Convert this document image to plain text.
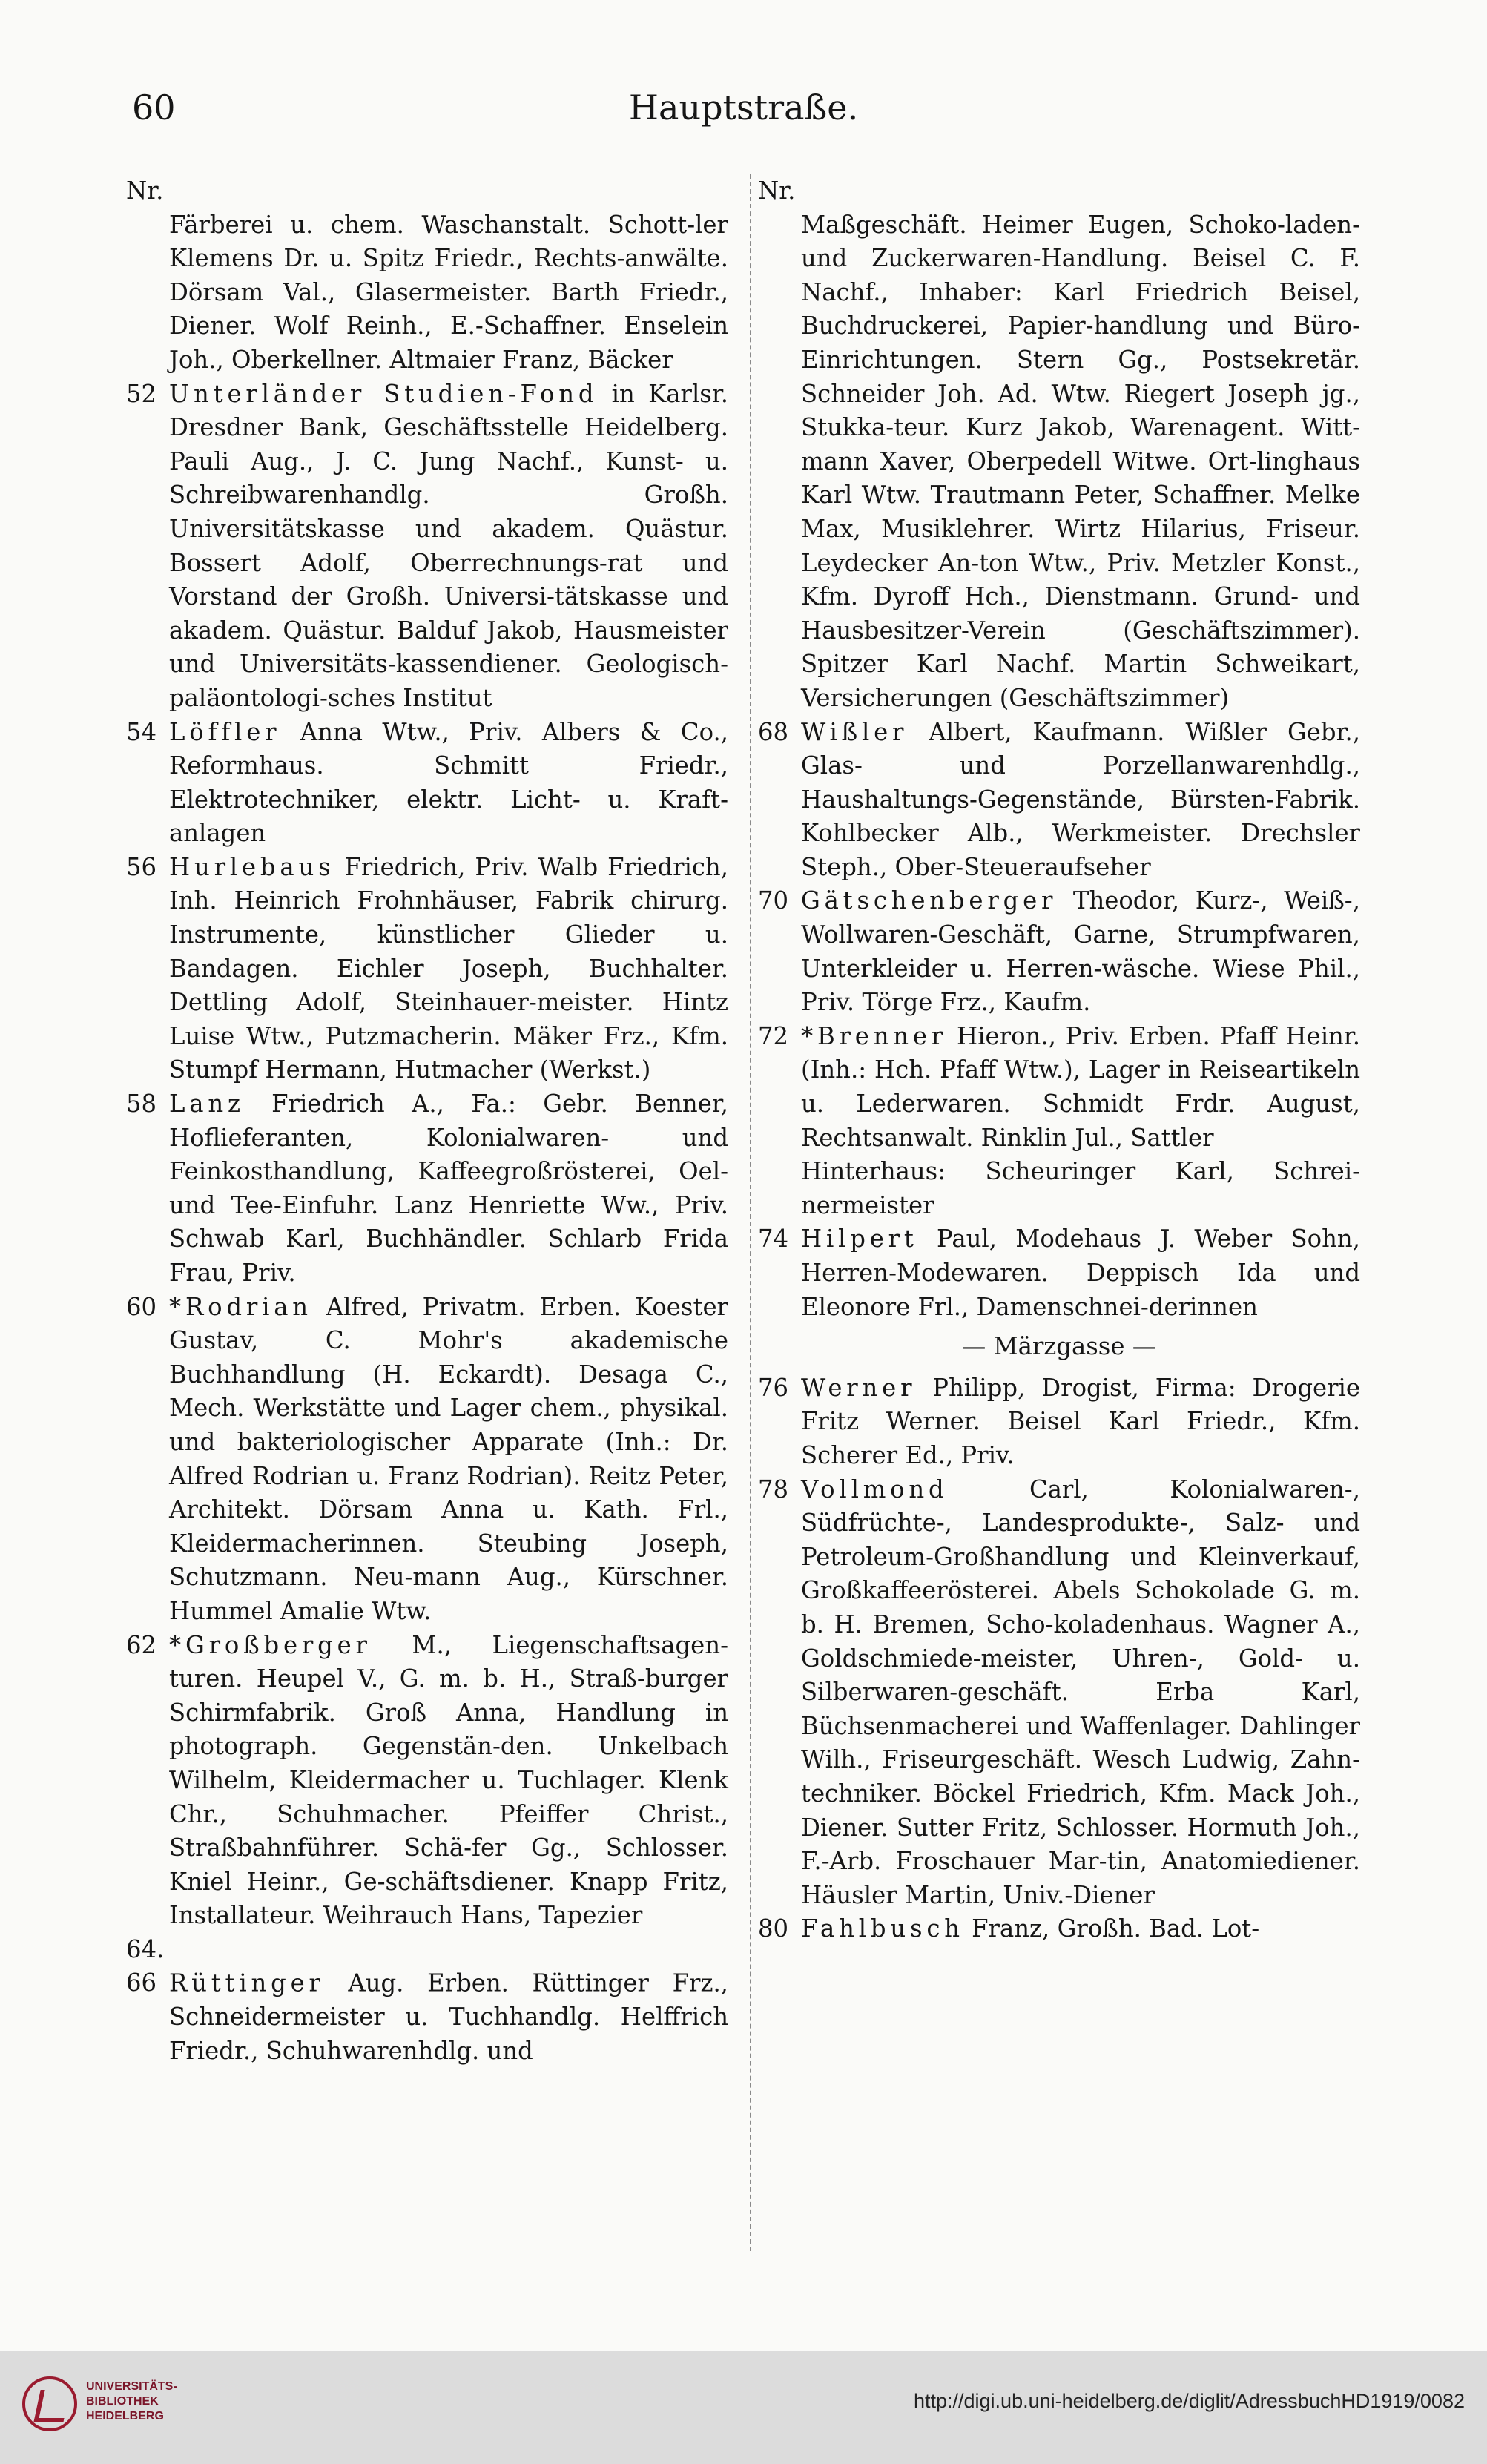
60	Hauptstraße.
Nr.
Färberei u. chem. Waschanstalt. Schott-ler Klemens Dr. u. Spitz Friedr., Rechts-anwälte. Dörsam Val., Glasermeister. Barth Friedr., Diener. Wolf Reinh., E.-Schaffner. Enselein Joh., Oberkellner. Altmaier Franz, Bäcker
52 Unterländer Studien-Fond in Karlsr. Dresdner Bank, Geschäftsstelle Heidelberg. Pauli Aug., J. C. Jung Nachf., Kunst- u. Schreibwarenhandlg. Großh. Universitätskasse und akadem. Quästur. Bossert Adolf, Oberrechnungs-rat und Vorstand der Großh. Universi-tätskasse und akadem. Quästur. Balduf Jakob, Hausmeister und Universitäts-kassendiener. Geologisch-paläontologi-sches Institut
54 Löffler Anna Wtw., Priv. Albers & Co., Reformhaus. Schmitt Friedr., Elektrotechniker, elektr. Licht- u. Kraft-anlagen
56 Hurlebaus Friedrich, Priv. Walb Friedrich, Inh. Heinrich Frohnhäuser, Fabrik chirurg. Instrumente, künstlicher Glieder u. Bandagen. Eichler Joseph, Buchhalter. Dettling Adolf, Steinhauer-meister. Hintz Luise Wtw., Putzmacherin. Mäker Frz., Kfm. Stumpf Hermann, Hutmacher (Werkst.)
58 Lanz Friedrich A., Fa.: Gebr. Benner, Hoflieferanten, Kolonialwaren- und Feinkosthandlung, Kaffeegroßrösterei, Oel- und Tee-Einfuhr. Lanz Henriette Ww., Priv. Schwab Karl, Buchhändler. Schlarb Frida Frau, Priv.
60 *Rodrian Alfred, Privatm. Erben. Koester Gustav, C. Mohr's akademische Buchhandlung (H. Eckardt). Desaga C., Mech. Werkstätte und Lager chem., physikal. und bakteriologischer Apparate (Inh.: Dr. Alfred Rodrian u. Franz Rodrian). Reitz Peter, Architekt. Dörsam Anna u. Kath. Frl., Kleidermacherinnen. Steubing Joseph, Schutzmann. Neu-mann Aug., Kürschner. Hummel Amalie Wtw.
62 *Großberger M., Liegenschaftsagen-turen. Heupel V., G. m. b. H., Straß-burger Schirmfabrik. Groß Anna, Handlung in photograph. Gegenstän-den. Unkelbach Wilhelm, Kleidermacher u. Tuchlager. Klenk Chr., Schuhmacher. Pfeiffer Christ., Straßbahnführer. Schä-fer Gg., Schlosser. Kniel Heinr., Ge-schäftsdiener. Knapp Fritz, Installateur. Weihrauch Hans, Tapezier
64. 66 Rüttinger Aug. Erben. Rüttinger Frz., Schneidermeister u. Tuchhandlg. Helffrich Friedr., Schuhwarenhdlg. und
Nr.
Maßgeschäft. Heimer Eugen, Schoko-laden- und Zuckerwaren-Handlung. Beisel C. F. Nachf., Inhaber: Karl Friedrich Beisel, Buchdruckerei, Papier-handlung und Büro-Einrichtungen. Stern Gg., Postsekretär. Schneider Joh. Ad. Wtw. Riegert Joseph jg., Stukka-teur. Kurz Jakob, Warenagent. Witt-mann Xaver, Oberpedell Witwe. Ort-linghaus Karl Wtw. Trautmann Peter, Schaffner. Melke Max, Musiklehrer. Wirtz Hilarius, Friseur. Leydecker An-ton Wtw., Priv. Metzler Konst., Kfm. Dyroff Hch., Dienstmann. Grund- und Hausbesitzer-Verein (Geschäftszimmer). Spitzer Karl Nachf. Martin Schweikart, Versicherungen (Geschäftszimmer)
68 Wißler Albert, Kaufmann. Wißler Gebr., Glas- und Porzellanwarenhdlg., Haushaltungs-Gegenstände, Bürsten-Fabrik. Kohlbecker Alb., Werkmeister. Drechsler Steph., Ober-Steueraufseher
70 Gätschenberger Theodor, Kurz-, Weiß-, Wollwaren-Geschäft, Garne, Strumpfwaren, Unterkleider u. Herren-wäsche. Wiese Phil., Priv. Törge Frz., Kaufm.
72 *Brenner Hieron., Priv. Erben. Pfaff Heinr. (Inh.: Hch. Pfaff Wtw.), Lager in Reiseartikeln u. Lederwaren. Schmidt Frdr. August, Rechtsanwalt. Rinklin Jul., Sattler
Hinterhaus: Scheuringer Karl, Schrei-nermeister
74 Hilpert Paul, Modehaus J. Weber Sohn, Herren-Modewaren. Deppisch Ida und Eleonore Frl., Damenschnei-derinnen
— Märzgasse —
76 Werner Philipp, Drogist, Firma: Drogerie Fritz Werner. Beisel Karl Friedr., Kfm. Scherer Ed., Priv.
78 Vollmond Carl, Kolonialwaren-, Südfrüchte-, Landesprodukte-, Salz- und Petroleum-Großhandlung und Kleinverkauf, Großkaffeerösterei. Abels Schokolade G. m. b. H. Bremen, Scho-koladenhaus. Wagner A., Goldschmiede-meister, Uhren-, Gold- u. Silberwaren-geschäft. Erba Karl, Büchsenmacherei und Waffenlager. Dahlinger Wilh., Friseurgeschäft. Wesch Ludwig, Zahn-techniker. Böckel Friedrich, Kfm. Mack Joh., Diener. Sutter Fritz, Schlosser. Hormuth Joh., F.-Arb. Froschauer Mar-tin, Anatomiediener. Häusler Martin, Univ.-Diener
80 Fahlbusch Franz, Großh. Bad. Lot-
UNIVERSITÄTS-
BIBLIOTHEK
HEIDELBERG
http://digi.ub.uni-heidelberg.de/diglit/AdressbuchHD1919/0082
